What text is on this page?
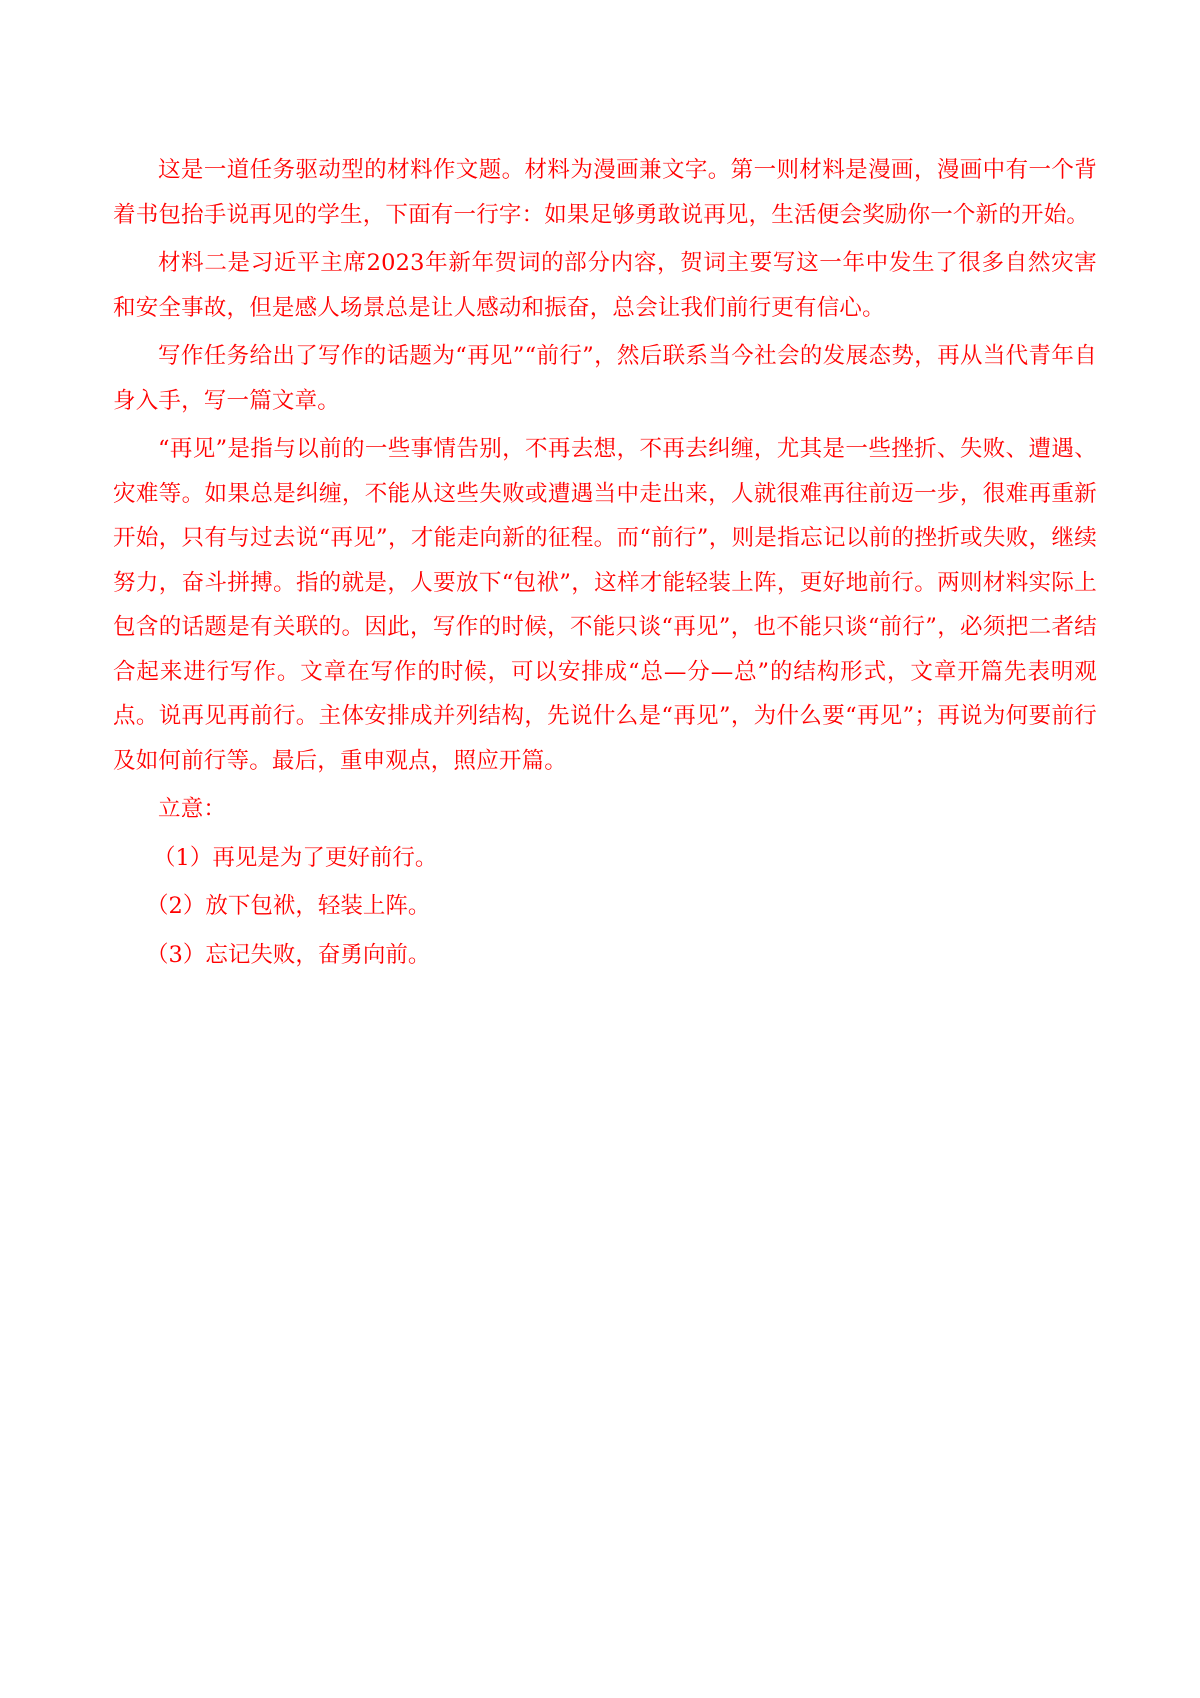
这是一道任务驱动型的材料作文题。材料为漫画兼文字。第一则材料是漫画，漫画中有一个背着书包抬手说再见的学生，下面有一行字：如果足够勇敢说再见，生活便会奖励你一个新的开始。

材料二是习近平主席2023年新年贺词的部分内容，贺词主要写这一年中发生了很多自然灾害和安全事故，但是感人场景总是让人感动和振奋，总会让我们前行更有信心。

写作任务给出了写作的话题为“再见”“前行”，然后联系当今社会的发展态势，再从当代青年自身入手，写一篇文章。

“再见”是指与以前的一些事情告别，不再去想，不再去纠缠，尤其是一些挫折、失败、遭遇、灾难等。如果总是纠缠，不能从这些失败或遭遇当中走出来，人就很难再往前迈一步，很难再重新开始，只有与过去说“再见”，才能走向新的征程。而“前行”，则是指忘记以前的挫折或失败，继续努力，奋斗拼搏。指的就是，人要放下“包袱”，这样才能轻装上阵，更好地前行。两则材料实际上包含的话题是有关联的。因此，写作的时候，不能只谈“再见”，也不能只谈“前行”，必须把二者结合起来进行写作。文章在写作的时候，可以安排成“总—分—总”的结构形式，文章开篇先表明观点。说再见再前行。主体安排成并列结构，先说什么是“再见”，为什么要“再见”；再说为何要前行及如何前行等。最后，重申观点，照应开篇。

立意：

（1）再见是为了更好前行。
（2）放下包袱，轻装上阵。
（3）忘记失败，奋勇向前。
